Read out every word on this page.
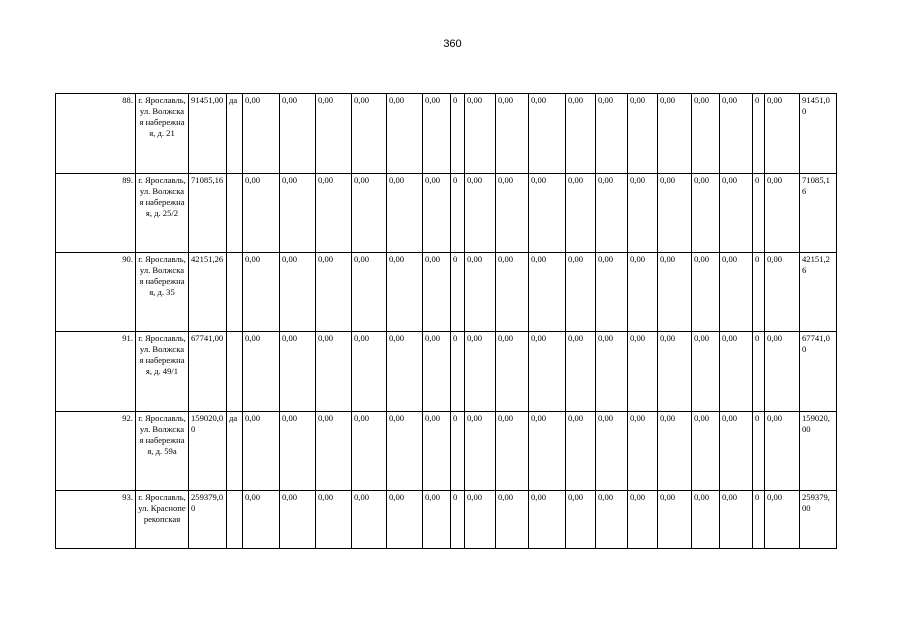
360
88.	г. Ярославль, ул. Волжская набережная, д. 21	91451,00	да	0,00	0,00	0,00	0,00	0,00	0,00	0	0,00	0,00	0,00	0,00	0,00	0,00	0,00	0,00	0,00	0	0,00	91451,00
89.	г. Ярославль, ул. Волжская набережная, д. 25/2	71085,16		0,00	0,00	0,00	0,00	0,00	0,00	0	0,00	0,00	0,00	0,00	0,00	0,00	0,00	0,00	0,00	0	0,00	71085,16
90.	г. Ярославль, ул. Волжская набережная, д. 35	42151,26		0,00	0,00	0,00	0,00	0,00	0,00	0	0,00	0,00	0,00	0,00	0,00	0,00	0,00	0,00	0,00	0	0,00	42151,26
91.	г. Ярославль, ул. Волжская набережная, д. 49/1	67741,00		0,00	0,00	0,00	0,00	0,00	0,00	0	0,00	0,00	0,00	0,00	0,00	0,00	0,00	0,00	0,00	0	0,00	67741,00
92.	г. Ярославль, ул. Волжская набережная, д. 59а	159020,00	да	0,00	0,00	0,00	0,00	0,00	0,00	0	0,00	0,00	0,00	0,00	0,00	0,00	0,00	0,00	0,00	0	0,00	159020,00
93.	г. Ярославль, ул. Красноперекопская	259379,00		0,00	0,00	0,00	0,00	0,00	0,00	0	0,00	0,00	0,00	0,00	0,00	0,00	0,00	0,00	0,00	0	0,00	259379,00
